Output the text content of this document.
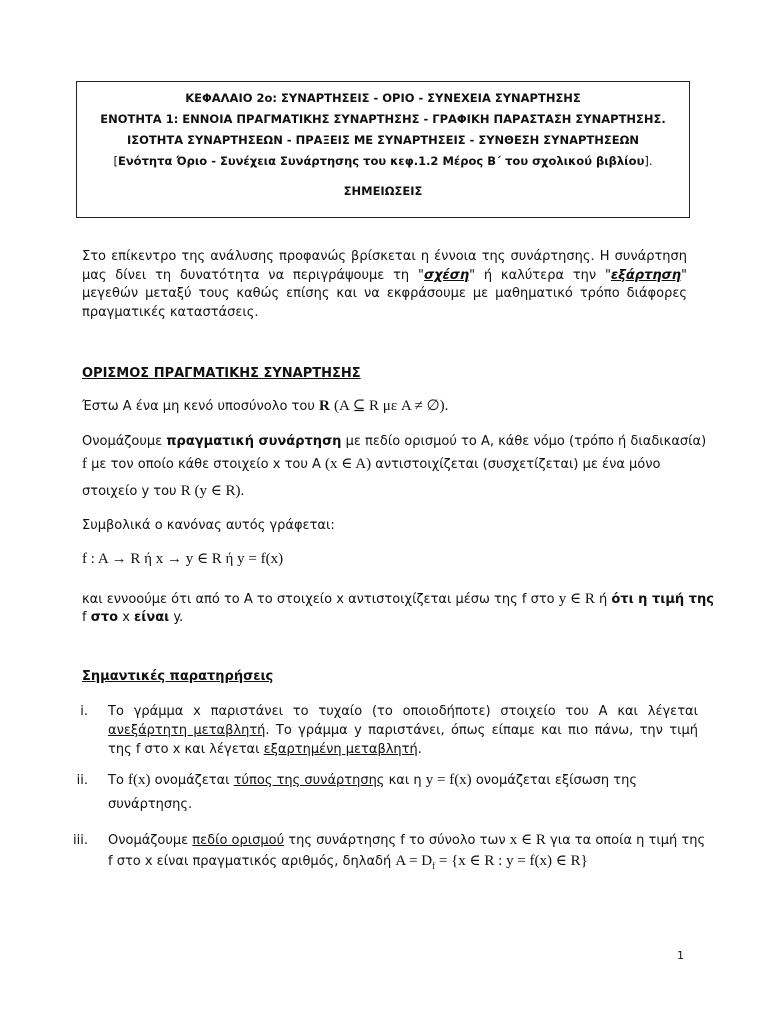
ΚΕΦΑΛΑΙΟ 2ο: ΣΥΝΑΡΤΗΣΕΙΣ - ΟΡΙΟ - ΣΥΝΕΧΕΙΑ ΣΥΝΑΡΤΗΣΗΣ
ΕΝΟΤΗΤΑ 1: ΕΝΝΟΙΑ ΠΡΑΓΜΑΤΙΚΗΣ ΣΥΝΑΡΤΗΣΗΣ - ΓΡΑΦΙΚΗ ΠΑΡΑΣΤΑΣΗ ΣΥΝΑΡΤΗΣΗΣ.
ΙΣΟΤΗΤΑ ΣΥΝΑΡΤΗΣΕΩΝ - ΠΡΑΞΕΙΣ ΜΕ ΣΥΝΑΡΤΗΣΕΙΣ - ΣΥΝΘΕΣΗ ΣΥΝΑΡΤΗΣΕΩΝ
[Ενότητα Όριο - Συνέχεια Συνάρτησης του κεφ.1.2 Μέρος Β΄ του σχολικού βιβλίου].
ΣΗΜΕΙΩΣΕΙΣ
Στο επίκεντρο της ανάλυσης προφανώς βρίσκεται η έννοια της συνάρτησης. Η συνάρτηση μας δίνει τη δυνατότητα να περιγράψουμε τη "σχέση" ή καλύτερα την "εξάρτηση" μεγεθών μεταξύ τους καθώς επίσης και να εκφράσουμε με μαθηματικό τρόπο διάφορες πραγματικές καταστάσεις.
ΟΡΙΣΜΟΣ ΠΡΑΓΜΑΤΙΚΗΣ ΣΥΝΑΡΤΗΣΗΣ
Έστω A ένα μη κενό υποσύνολο του R (A ⊆ R με A ≠ ∅).
Ονομάζουμε πραγματική συνάρτηση με πεδίο ορισμού το A, κάθε νόμο (τρόπο ή διαδικασία)
f με τον οποίο κάθε στοιχείο x του A (x ∈ A) αντιστοιχίζεται (συσχετίζεται) με ένα μόνο
στοιχείο y του R (y ∈ R).
Συμβολικά ο κανόνας αυτός γράφεται:
f : A → R ή x → y ∈ R ή y = f(x)
και εννοούμε ότι από το A το στοιχείο x αντιστοιχίζεται μέσω της f στο y ∈ R ή ότι η τιμή της
f στο x είναι y.
Σημαντικές παρατηρήσεις
i. Το γράμμα x παριστάνει το τυχαίο (το οποιοδήποτε) στοιχείο του A και λέγεται ανεξάρτητη μεταβλητή. Το γράμμα y παριστάνει, όπως είπαμε και πιο πάνω, την τιμή της f στο x και λέγεται εξαρτημένη μεταβλητή.
ii. Το f(x) ονομάζεται τύπος της συνάρτησης και η y = f(x) ονομάζεται εξίσωση της
συνάρτησης.
iii. Ονομάζουμε πεδίο ορισμού της συνάρτησης f το σύνολο των x ∈ R για τα οποία η τιμή της
f στο x είναι πραγματικός αριθμός, δηλαδή $A = D_f = \{x$ ∈ R : y = f(x) ∈ R}
1
